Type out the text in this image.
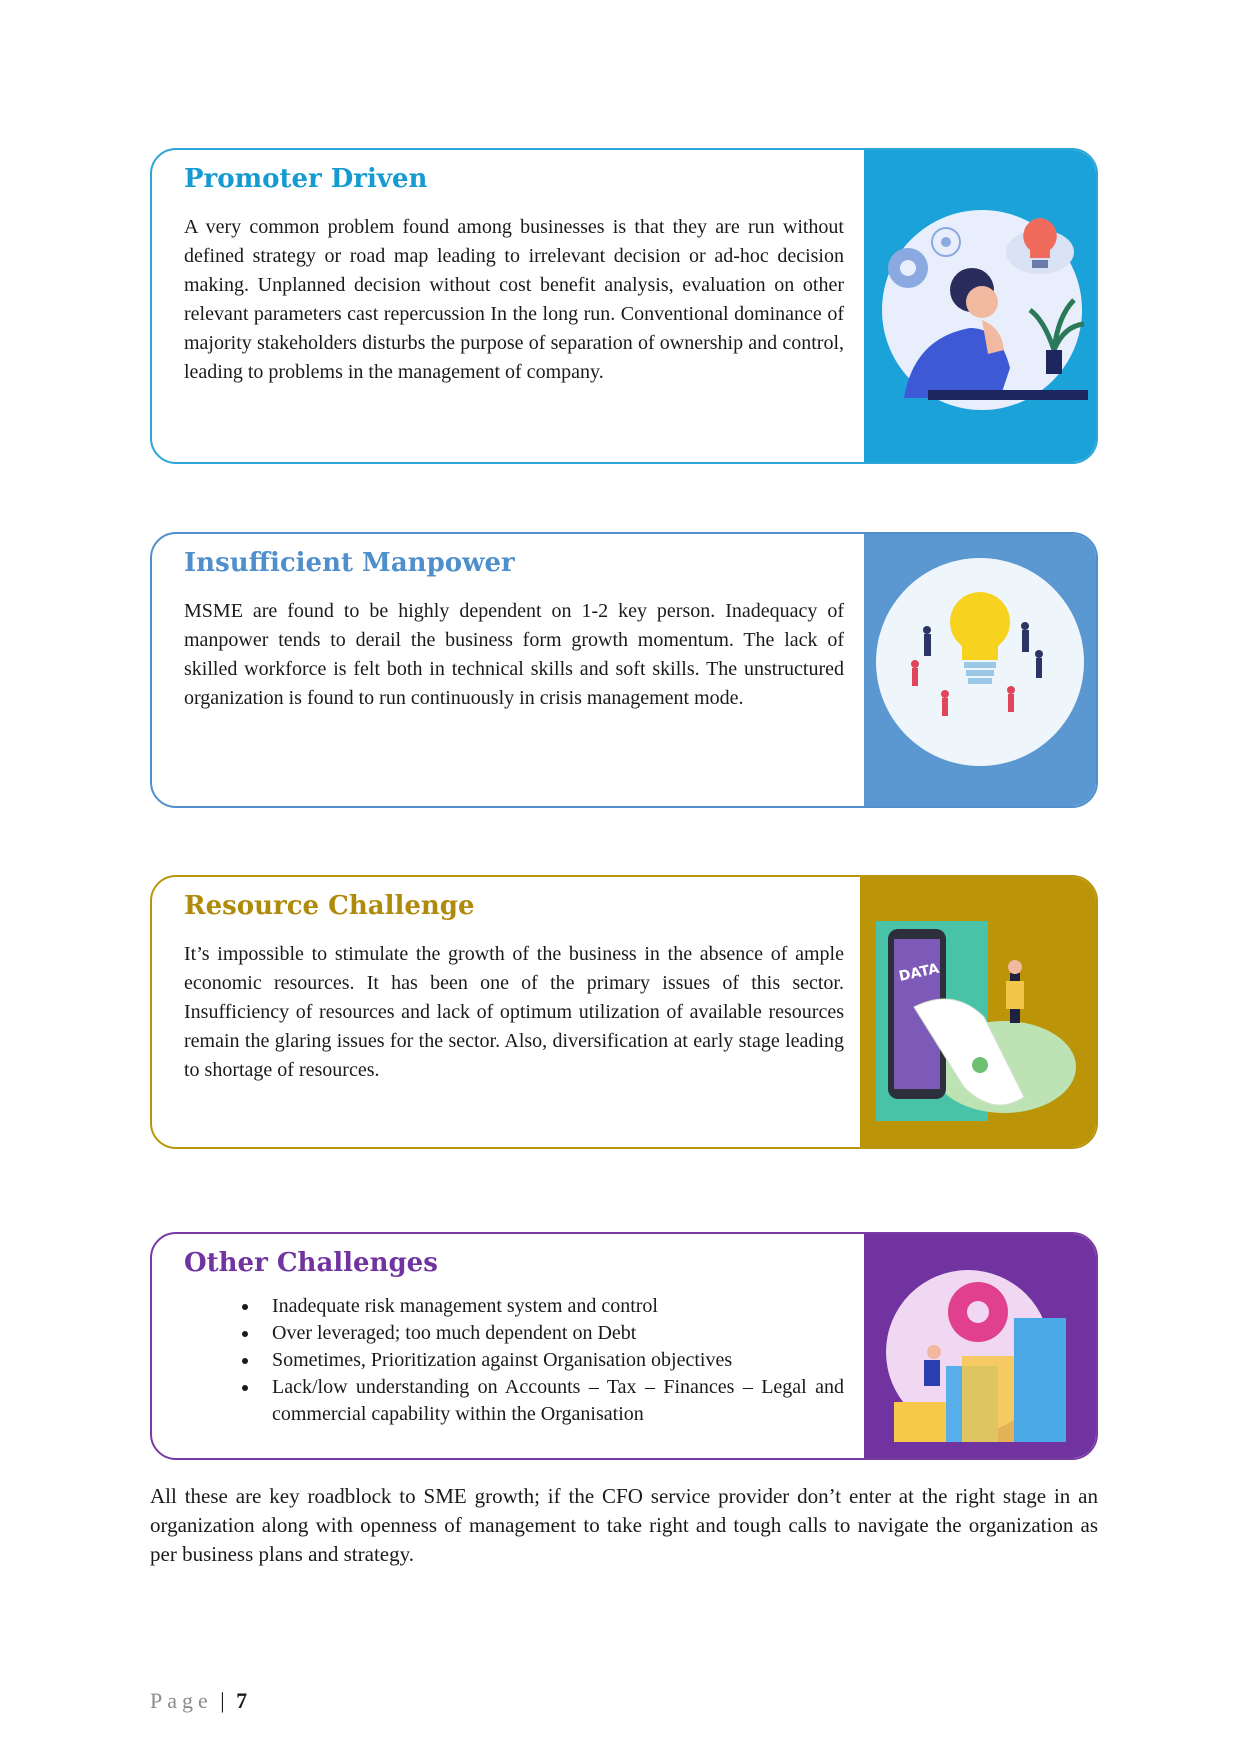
Promoter Driven

A very common problem found among businesses is that they are run without defined strategy or road map leading to irrelevant decision or ad-hoc decision making. Unplanned decision without cost benefit analysis, evaluation on other relevant parameters cast repercussion In the long run. Conventional dominance of majority stakeholders disturbs the purpose of separation of ownership and control, leading to problems in the management of company.

Insufficient Manpower

MSME are found to be highly dependent on 1-2 key person. Inadequacy of manpower tends to derail the business form growth momentum. The lack of skilled workforce is felt both in technical skills and soft skills. The unstructured organization is found to run continuously in crisis management mode.

Resource Challenge

It’s impossible to stimulate the growth of the business in the absence of ample economic resources. It has been one of the primary issues of this sector. Insufficiency of resources and lack of optimum utilization of available resources remain the glaring issues for the sector. Also, diversification at early stage leading to shortage of resources.

DATA
Other Challenges
• Inadequate risk management system and control
• Over leveraged; too much dependent on Debt
• Sometimes, Prioritization against Organisation objectives
• Lack/low understanding on Accounts – Tax – Finances – Legal and commercial capability within the Organisation

All these are key roadblock to SME growth; if the CFO service provider don’t enter at the right stage in an organization along with openness of management to take right and tough calls to navigate the organization as per business plans and strategy.

Page | 7
